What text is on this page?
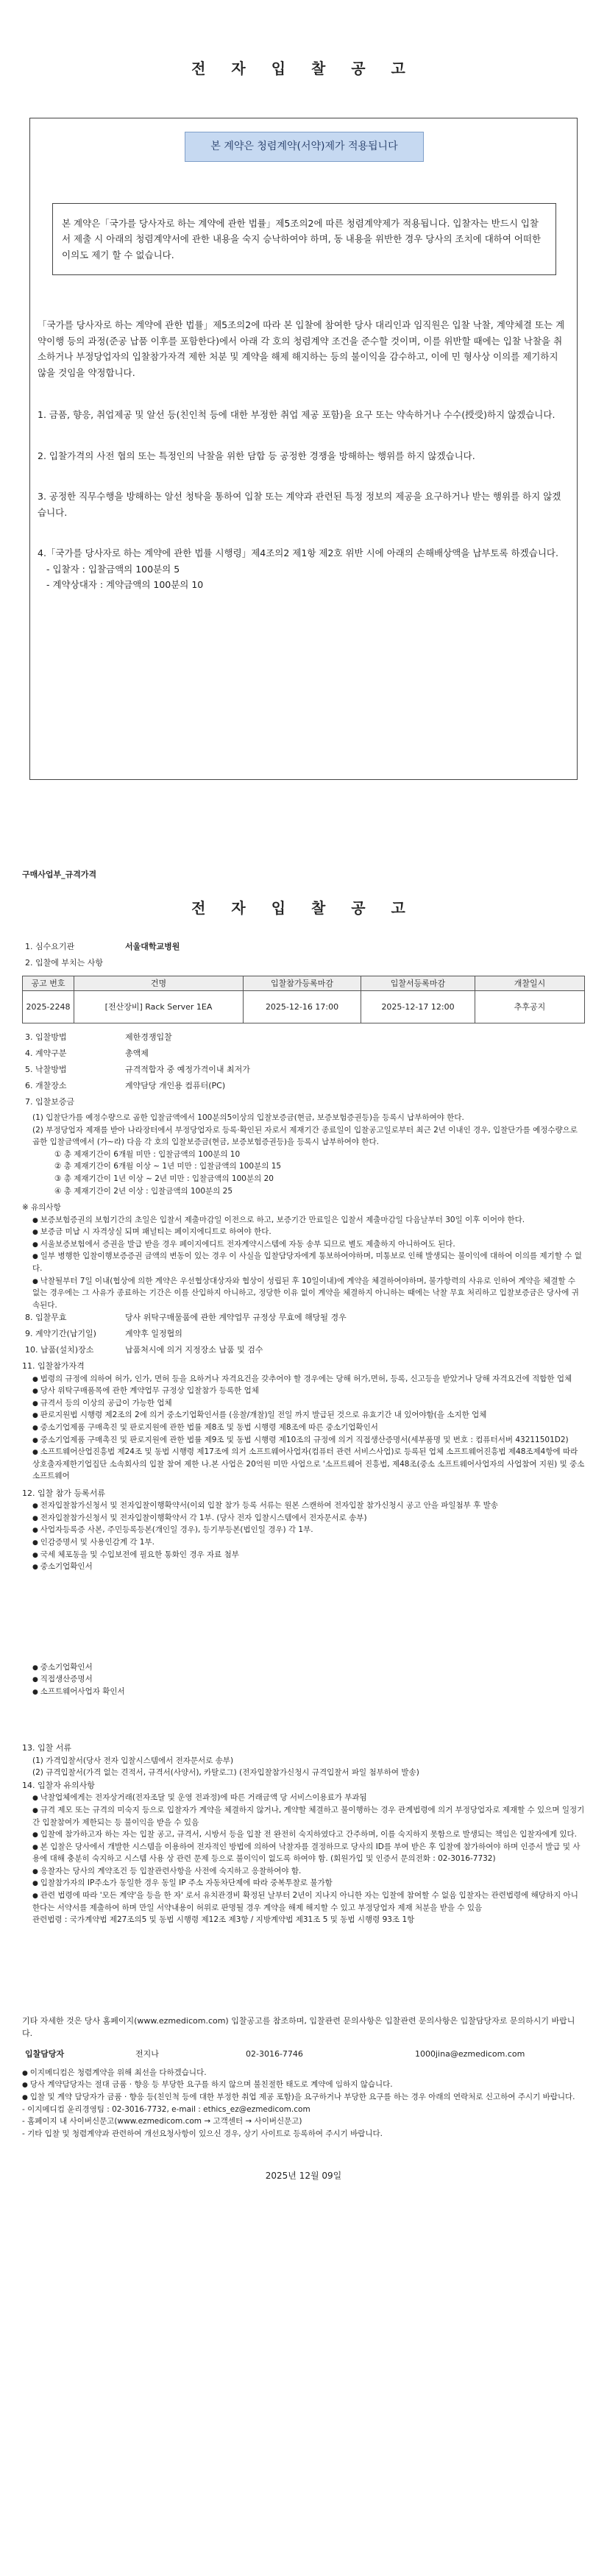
전 자 입 찰 공 고
본 계약은 청렴계약(서약)제가 적용됩니다
본 계약은「국가를 당사자로 하는 계약에 관한 법률」제5조의2에 따른 청렴계약제가 적용됩니다. 입찰자는 반드시 입찰서 제출 시 아래의 청렴계약서에 관한 내용을 숙지 승낙하여야 하며, 동 내용을 위반한 경우 당사의 조치에 대하여 어떠한 이의도 제기 할 수 없습니다.

「국가를 당사자로 하는 계약에 관한 법률」제5조의2에 따라 본 입찰에 참여한 당사 대리인과 임직원은 입찰 낙찰, 계약체결 또는 계약이행 등의 과정(준공 납품 이후를 포함한다)에서 아래 각 호의 청렴계약 조건을 준수할 것이며, 이를 위반할 때에는 입찰 낙찰을 취소하거나 부정당업자의 입찰참가자격 제한 처분 및 계약을 해제 해지하는 등의 불이익을 감수하고, 이에 민 형사상 이의를 제기하지 않을 것임을 약정합니다.

1. 금품, 향응, 취업제공 및 알선 등(친인척 등에 대한 부정한 취업 제공 포함)을 요구 또는 약속하거나 수수(授受)하지 않겠습니다.

2. 입찰가격의 사전 협의 또는 특정인의 낙찰을 위한 담합 등 공정한 경쟁을 방해하는 행위를 하지 않겠습니다.

3. 공정한 직무수행을 방해하는 알선 청탁을 통하여 입찰 또는 계약과 관련된 특정 정보의 제공을 요구하거나 받는 행위를 하지 않겠습니다.

4.「국가를 당사자로 하는 계약에 관한 법률 시행령」제4조의2 제1항 제2호 위반 시에 아래의 손해배상액을 납부토록 하겠습니다.
- 입찰자 : 입찰금액의 100분의 5
- 계약상대자 : 계약금액의 100분의 10

구매사업부_규격가격
전 자 입 찰 공 고
1. 심수요기관	서울대학교병원
2. 입찰에 부치는 사항
공고 번호	건명	입찰참가등록마감	입찰서등록마감	개찰일시
2025-2248	[전산장비] Rack Server 1EA	2025-12-16 17:00	2025-12-17 12:00	추후공지
3. 입찰방법	제한경쟁입찰
4. 계약구분	총액제
5. 낙찰방법	규격적합자 중 예정가격이내 최저가
6. 개찰장소	계약담당 개인용 컴퓨터(PC)
7. 입찰보증금
(1) 입찰단가를 예정수량으로 곱한 입찰금액에서 100분의5이상의 입찰보증금(현금, 보증보험증권등)을 등록시 납부하여야 한다.
(2) 부정당업자 제재를 받아 나라장터에서 부정당업자로 등록·확인된 자로서 제재기간 종료일이 입찰공고일로부터 최근 2년 이내인 경우, 입찰단가를 예정수량으로 곱한 입찰금액에서 (가~라) 다음 각 호의 입찰보증금(현금, 보증보험증권등)을 등록시 납부하여야 한다.
① 총 제재기간이 6개월 미만 : 입찰금액의 100분의 10
② 총 제재기간이 6개월 이상 ~ 1년 미만 : 입찰금액의 100분의 15
③ 총 제재기간이 1년 이상 ~ 2년 미만 : 입찰금액의 100분의 20
④ 총 제재기간이 2년 이상 : 입찰금액의 100분의 25
※ 유의사항
● 보증보험증권의 보험기간의 초일은 입찰서 제출마감일 이전으로 하고, 보증기간 만료일은 입찰서 제출마감일 다음날부터 30일 이후 이어야 한다.
● 보증금 미납 시 자격상실 되며 패널티는 페이지에디트로 하여야 한다.
● 서울보증보험에서 증권을 발급 받을 경우 페이지에디트 전자계약시스템에 자동 송부 되므로 별도 제출하지 아니하여도 된다.
● 일부 병행한 입찰이행보증증권 금액의 변동이 있는 경우 이 사실을 입찰담당자에게 통보하여야하며, 미통보로 인해 발생되는 불이익에 대하여 이의를 제기할 수 없다.
● 낙찰될부터 7일 이내(협상에 의한 계약은 우선협상대상자와 협상이 성립된 후 10일이내)에 계약을 체결하여야하며, 불가항력의 사유로 인하여 계약을 체결할 수 없는 경우에는 그 사유가 종료하는 기간은 이를 산입하지 아니하고, 정당한 이유 없이 계약을 체결하지 아니하는 때에는 낙찰 무효 처리하고 입찰보증금은 당사에 귀속된다.
8. 입찰무효	당사 위탁구매물품에 관한 계약업무 규정상 무효에 해당될 경우
9. 계약기간(납기일)	계약후 일정협의
10. 납품(설치)장소	납품처시에 의거 지정장소 납품 및 검수
11. 입찰참가자격
● 법령의 규정에 의하여 허가, 인가, 면허 등을 요하거나 자격요건을 갖추어야 할 경우에는 당해 허가,면허, 등록, 신고등을 받았거나 당해 자격요건에 적합한 업체
● 당사 위탁구매품목에 관한 계약업무 규정상 입찰참가 등록한 업체
● 규격서 등의 이상의 공급이 가능한 업체
● 판로지원법 시행령 제2조의 2에 의거 중소기업확인서를 (응찰/개찰)일 전일 까지 발급된 것으로 유효기간 내 있어야함(을 소지한 업체
● 중소기업제품 구매촉진 및 판로지원에 관한 법률 제8조 및 동법 시행령 제8조에 따른 중소기업확인서
● 중소기업제품 구매촉진 및 판로지원에 관한 법률 제9조 및 동법 시행령 제10조의 규정에 의거 직접생산증명서(세부품명 및 번호 : 컴퓨터서버 43211501D2)
● 소프트웨어산업진흥법 제24조 및 동법 시행령 제17조에 의거 소프트웨어사업자(컴퓨터 관련 서비스사업)로 등록된 업체 소프트웨어진흥법 제48조제4항에 따라 상호출자제한기업집단 소속회사의 입찰 참여 제한 나.본 사업은 20억원 미만 사업으로 '소프트웨어 진흥법, 제48조(중소 소프트웨어사업자의 사업참여 지원) 및 중소 소프트웨어
12. 입찰 참가 등록서류
● 전자입찰참가신청서 및 전자입찰이행확약서(이외 입찰 참가 등록 서류는 원본 스캔하여 전자입찰 참가신청시 공고 안을 파일첨부 후 발송
● 전자입찰참가신청서 및 전자입찰이행확약서 각 1부. (당사 전자 입찰시스템에서 전자문서로 송부)
● 사업자등록증 사본, 주민등록등본(개인일 경우), 등기부등본(법인일 경우) 각 1부.
● 인감증명서 및 사용인감계 각 1부.
● 국세 체포동을 및 수입보전에 필요한 통화인 경우 자료 첨부
● 중소기업확인서
● 중소기업확인서
● 직접생산증명서
● 소프트웨어사업자 확인서
13. 입찰 서류
(1) 가격입찰서(당사 전자 입찰시스템에서 전자문서로 송부)
(2) 규격입찰서(가격 없는 견적서, 규격서(사양서), 카탈로그) (전자입찰참가신청시 규격입찰서 파일 첨부하여 발송)
14. 입찰자 유의사항
● 낙찰업체에게는 전자상거래(전자조달 및 운영 전과정)에 따른 거래금액 당 서비스이용료가 부과됨
● 규격 제모 또는 규격의 미숙지 등으로 입찰자가 계약을 체결하지 않거나, 계약할 체결하고 불이행하는 경우 관계법령에 의거 부정당업자로 제재할 수 있으며 일정기간 입찰참여가 제한되는 등 불이익을 받을 수 있음
● 입찰에 참가하고자 하는 자는 입찰 공고, 규격서, 시방서 등을 입찰 전 완전히 숙지하였다고 간주하며, 이를 숙지하지 못함으로 발생되는 책임은 입찰자에게 있다.
● 본 입찰은 당사에서 개발한 시스템을 이용하여 전자적인 방법에 의하여 낙찰자를 결정하므로 당사의 ID를 부여 받은 후 입찰에 참가하여야 하며 인증서 발급 및 사용에 대해 충분히 숙지하고 시스템 사용 상 관련 문제 등으로 불이익이 없도록 하여야 함. (회원가입 및 인증서 문의전화 : 02-3016-7732)
● 응찰자는 당사의 계약조건 등 입찰관련사항을 사전에 숙지하고 응찰하여야 함.
● 입찰참가자의 IP주소가 동일한 경우 동일 IP 주소 자동차단제에 따라 중복투찰로 불가함
● 관련 법령에 따라 '모든 계약'을 등을 한 자' 로서 유치관경비 확정된 날부터 2년이 지나지 아니한 자는 입찰에 참여할 수 없음 입찰자는 관련법령에 해당하지 아니한다는 서약서를 제출하여 하며 만일 서약내용이 허위로 판명될 경우 계약을 해제 해지할 수 있고 부정당업자 제재 처분을 받을 수 있음
관련법령 : 국가계약법 제27조의5 및 동법 시행령 제12조 제3항 / 지방계약법 제31조 5 및 동법 시행령 93조 1항
기타 자세한 것은 당사 홈페이지(www.ezmedicom.com) 입찰공고를 참조하며, 입찰관련 문의사항은 입찰관련 문의사항은 입찰담당자로 문의하시기 바랍니다.
입찰담당자	전지나	02-3016-7746	1000jina@ezmedicom.com
● 이지메디컴은 청렴계약을 위해 최선을 다하겠습니다.
● 당사 계약담당자는 절대 금품 · 향응 등 부당한 요구를 하지 않으며 불친절한 태도로 계약에 임하지 않습니다.
● 입찰 및 계약 담당자가 금품 · 향응 등(친인척 등에 대한 부정한 취업 제공 포함)을 요구하거나 부당한 요구를 하는 경우 아래의 연락처로 신고하여 주시기 바랍니다.
- 이지메디컴 윤리경영팀 : 02-3016-7732, e-mail : ethics_ez@ezmedicom.com
- 홈페이지 내 사이버신문고(www.ezmedicom.com → 고객센터 → 사이버신문고)
- 기타 입찰 및 청렴계약과 관련하여 개선요청사항이 있으신 경우, 상기 사이트로 등록하여 주시기 바랍니다.
2025년 12월 09일
